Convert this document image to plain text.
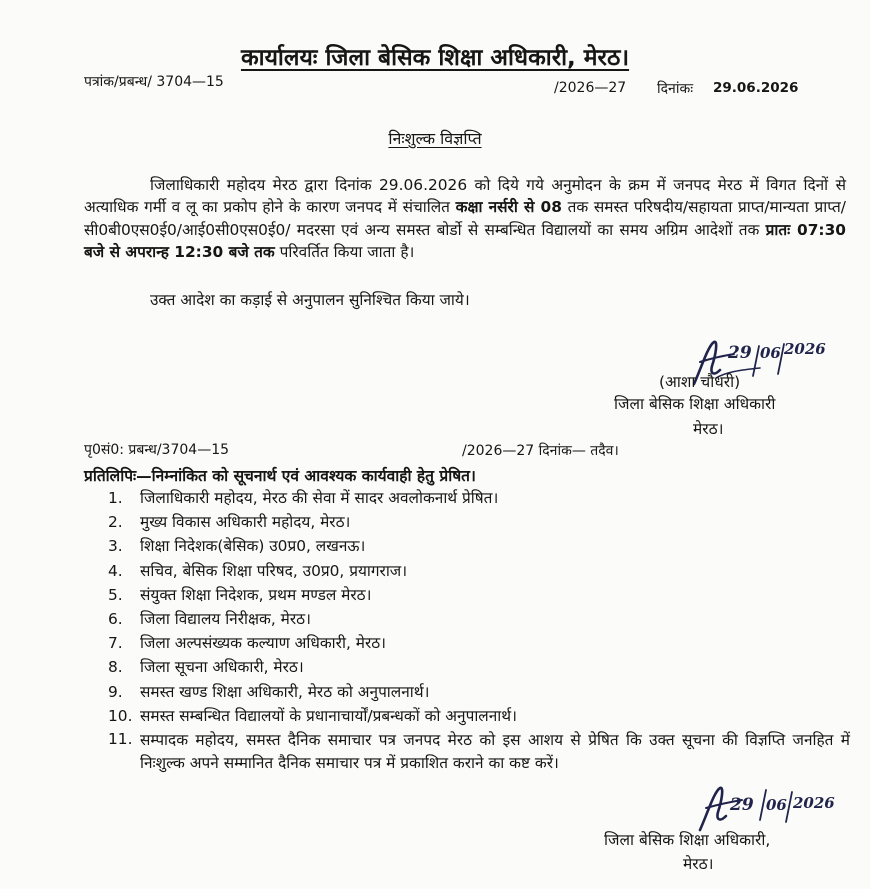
कार्यालयः जिला बेसिक शिक्षा अधिकारी, मेरठ।
पत्रांक/प्रबन्ध/ 3704—15	/2026—27 दिनांकः 29.06.2026
निःशुल्क विज्ञप्ति
जिलाधिकारी महोदय मेरठ द्वारा दिनांक 29.06.2026 को दिये गये अनुमोदन के क्रम में जनपद मेरठ में विगत दिनों से अत्याधिक गर्मी व लू का प्रकोप होने के कारण जनपद में संचालित कक्षा नर्सरी से 08 तक समस्त परिषदीय/सहायता प्राप्त/मान्यता प्राप्त/सी0बी0एस0ई0/आई0सी0एस0ई0/ मदरसा एवं अन्य समस्त बोर्डो से सम्बन्धित विद्यालयों का समय अग्रिम आदेशों तक प्रातः 07:30 बजे से अपरान्ह 12:30 बजे तक परिवर्तित किया जाता है।
उक्त आदेश का कड़ाई से अनुपालन सुनिश्चित किया जाये।
29 06 2026
(आशा चौधरी)
जिला बेसिक शिक्षा अधिकारी
मेरठ।
पृ0सं0: प्रबन्ध/3704—15	/2026—27 दिनांक— तदैव।
प्रतिलिपिः—निम्नांकित को सूचनार्थ एवं आवश्यक कार्यवाही हेतु प्रेषित।
1. जिलाधिकारी महोदय, मेरठ की सेवा में सादर अवलोकनार्थ प्रेषित।
2. मुख्य विकास अधिकारी महोदय, मेरठ।
3. शिक्षा निदेशक(बेसिक) उ0प्र0, लखनऊ।
4. सचिव, बेसिक शिक्षा परिषद, उ0प्र0, प्रयागराज।
5. संयुक्त शिक्षा निदेशक, प्रथम मण्डल मेरठ।
6. जिला विद्यालय निरीक्षक, मेरठ।
7. जिला अल्पसंख्यक कल्याण अधिकारी, मेरठ।
8. जिला सूचना अधिकारी, मेरठ।
9. समस्त खण्ड शिक्षा अधिकारी, मेरठ को अनुपालनार्थ।
10. समस्त सम्बन्धित विद्यालयों के प्रधानाचार्यों/प्रबन्धकों को अनुपालनार्थ।
11. सम्पादक महोदय, समस्त दैनिक समाचार पत्र जनपद मेरठ को इस आशय से प्रेषित कि उक्त सूचना की विज्ञप्ति जनहित में निःशुल्क अपने सम्मानित दैनिक समाचार पत्र में प्रकाशित कराने का कष्ट करें।
29 06 2026
जिला बेसिक शिक्षा अधिकारी,
मेरठ।
